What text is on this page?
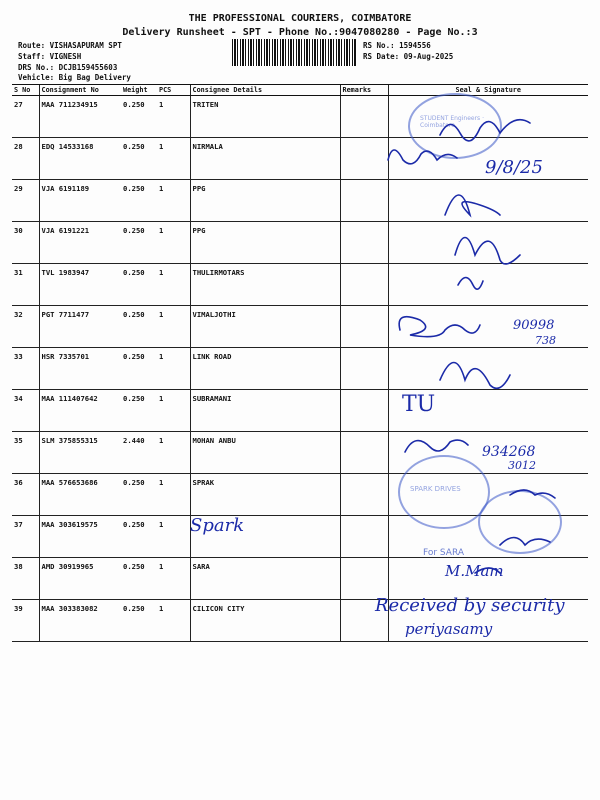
THE PROFESSIONAL COURIERS, COIMBATORE
Delivery Runsheet - SPT - Phone No.:9047080280 - Page No.:3
Route: VISHASAPURAM SPT
Staff: VIGNESH
DRS No.: DCJB159455603
Vehicle: Big Bag Delivery
RS No.: 1594556
RS Date: 09-Aug-2025
S No	Consignment No	Weight	PCS	Consignee Details	Remarks	Seal & Signature
27	MAA 711234915	0.250	1	TRITEN		
28	EDQ 14533168	0.250	1	NIRMALA		
29	VJA 6191189	0.250	1	PPG		
30	VJA 6191221	0.250	1	PPG		
31	TVL 1983947	0.250	1	THULIRMOTARS		
32	PGT 7711477	0.250	1	VIMALJOTHI		
33	HSR 7335701	0.250	1	LINK ROAD		
34	MAA 111407642	0.250	1	SUBRAMANI		
35	SLM 375855315	2.440	1	MOHAN ANBU		
36	MAA 576653686	0.250	1	SPRAK		
37	MAA 303619575	0.250	1			
38	AMD 30919965	0.250	1	SARA		
39	MAA 303383082	0.250	1	CILICON CITY		
STUDENT Engineers · Coimbatore
SPARK DRIVES
9/8/25
90998
738
TU
934268
3012
Spark
For SARA
M.Mam
Received by security
periyasamy
